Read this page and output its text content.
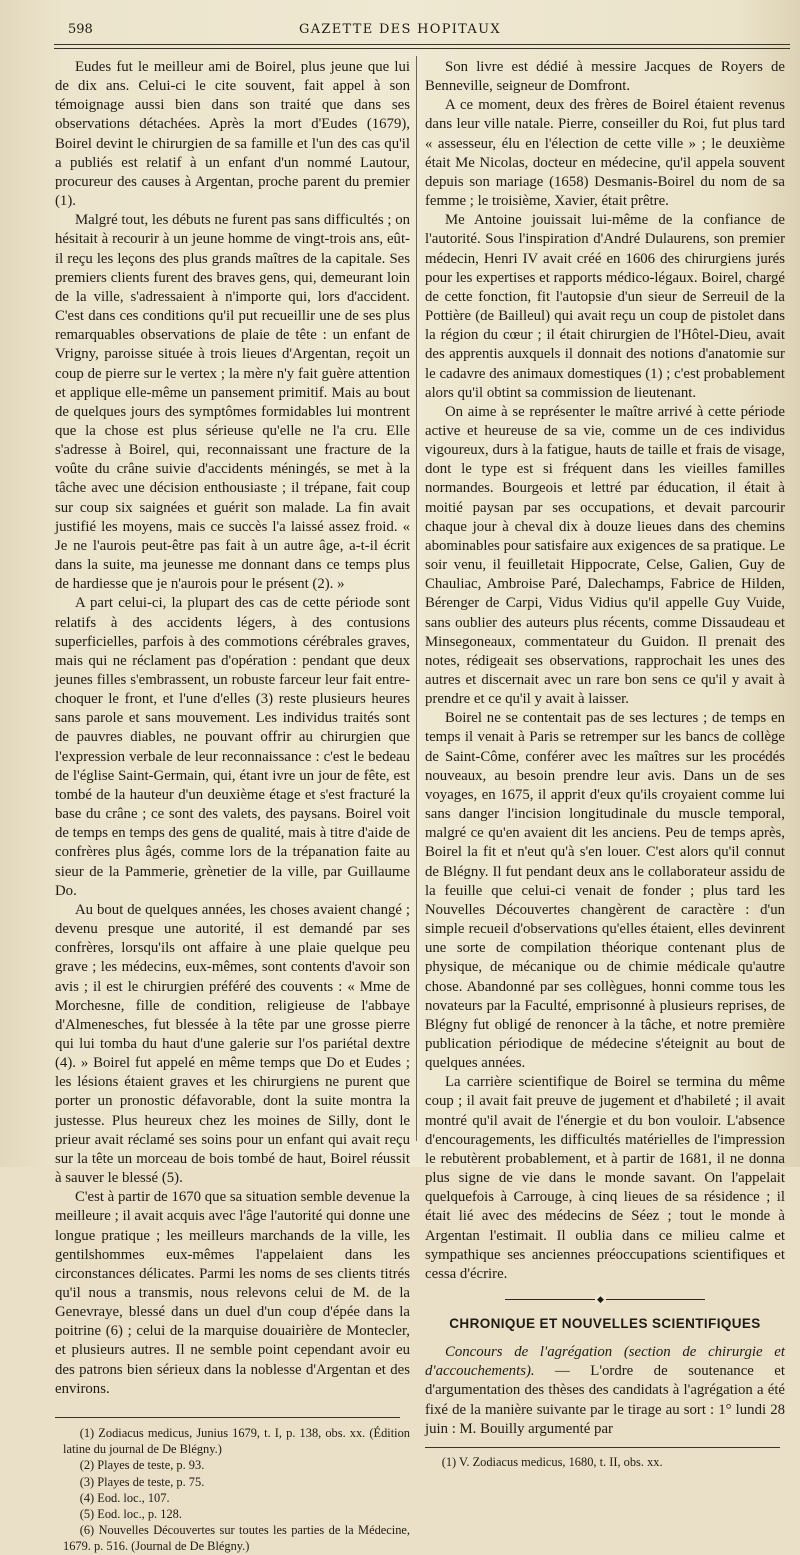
598	GAZETTE DES HOPITAUX

Eudes fut le meilleur ami de Boirel, plus jeune que lui de dix ans. Celui-ci le cite souvent, fait appel à son témoignage aussi bien dans son traité que dans ses observations détachées. Après la mort d'Eudes (1679), Boirel devint le chirurgien de sa famille et l'un des cas qu'il a publiés est relatif à un enfant d'un nommé Lautour, procureur des causes à Argentan, proche parent du premier (1).

Malgré tout, les débuts ne furent pas sans difficultés ; on hésitait à recourir à un jeune homme de vingt-trois ans, eût-il reçu les leçons des plus grands maîtres de la capitale. Ses premiers clients furent des braves gens, qui, demeurant loin de la ville, s'adressaient à n'importe qui, lors d'accident. C'est dans ces conditions qu'il put recueillir une de ses plus remarquables observations de plaie de tête : un enfant de Vrigny, paroisse située à trois lieues d'Argentan, reçoit un coup de pierre sur le vertex ; la mère n'y fait guère attention et applique elle-même un pansement primitif. Mais au bout de quelques jours des symptômes formidables lui montrent que la chose est plus sérieuse qu'elle ne l'a cru. Elle s'adresse à Boirel, qui, reconnaissant une fracture de la voûte du crâne suivie d'accidents méningés, se met à la tâche avec une décision enthousiaste ; il trépane, fait coup sur coup six saignées et guérit son malade. La fin avait justifié les moyens, mais ce succès l'a laissé assez froid. « Je ne l'aurois peut-être pas fait à un autre âge, a-t-il écrit dans la suite, ma jeunesse me donnant dans ce temps plus de hardiesse que je n'aurois pour le présent (2). »

A part celui-ci, la plupart des cas de cette période sont relatifs à des accidents légers, à des contusions superficielles, parfois à des commotions cérébrales graves, mais qui ne réclament pas d'opération : pendant que deux jeunes filles s'embrassent, un robuste farceur leur fait entre-choquer le front, et l'une d'elles (3) reste plusieurs heures sans parole et sans mouvement. Les individus traités sont de pauvres diables, ne pouvant offrir au chirurgien que l'expression verbale de leur reconnaissance : c'est le bedeau de l'église Saint-Germain, qui, étant ivre un jour de fête, est tombé de la hauteur d'un deuxième étage et s'est fracturé la base du crâne ; ce sont des valets, des paysans. Boirel voit de temps en temps des gens de qualité, mais à titre d'aide de confrères plus âgés, comme lors de la trépanation faite au sieur de la Pammerie, grènetier de la ville, par Guillaume Do.

Au bout de quelques années, les choses avaient changé ; devenu presque une autorité, il est demandé par ses confrères, lorsqu'ils ont affaire à une plaie quelque peu grave ; les médecins, eux-mêmes, sont contents d'avoir son avis ; il est le chirurgien préféré des couvents : « Mme de Morchesne, fille de condition, religieuse de l'abbaye d'Almenesches, fut blessée à la tête par une grosse pierre qui lui tomba du haut d'une galerie sur l'os pariétal dextre (4). » Boirel fut appelé en même temps que Do et Eudes ; les lésions étaient graves et les chirurgiens ne purent que porter un pronostic défavorable, dont la suite montra la justesse. Plus heureux chez les moines de Silly, dont le prieur avait réclamé ses soins pour un enfant qui avait reçu sur la tête un morceau de bois tombé de haut, Boirel réussit à sauver le blessé (5).

C'est à partir de 1670 que sa situation semble devenue la meilleure ; il avait acquis avec l'âge l'autorité qui donne une longue pratique ; les meilleurs marchands de la ville, les gentilshommes eux-mêmes l'appelaient dans les circonstances délicates. Parmi les noms de ses clients titrés qu'il nous a transmis, nous relevons celui de M. de la Genevraye, blessé dans un duel d'un coup d'épée dans la poitrine (6) ; celui de la marquise douairière de Montecler, et plusieurs autres. Il ne semble point cependant avoir eu des patrons bien sérieux dans la noblesse d'Argentan et des environs.

(1) Zodiacus medicus, Junius 1679, t. I, p. 138, obs. xx. (Édition latine du journal de De Blégny.)

(2) Playes de teste, p. 93.

(3) Playes de teste, p. 75.

(4) Eod. loc., 107.

(5) Eod. loc., p. 128.

(6) Nouvelles Découvertes sur toutes les parties de la Médecine, 1679. p. 516. (Journal de De Blégny.)

Son livre est dédié à messire Jacques de Royers de Benneville, seigneur de Domfront.

A ce moment, deux des frères de Boirel étaient revenus dans leur ville natale. Pierre, conseiller du Roi, fut plus tard « assesseur, élu en l'élection de cette ville » ; le deuxième était Me Nicolas, docteur en médecine, qu'il appela souvent depuis son mariage (1658) Desmanis-Boirel du nom de sa femme ; le troisième, Xavier, était prêtre.

Me Antoine jouissait lui-même de la confiance de l'autorité. Sous l'inspiration d'André Dulaurens, son premier médecin, Henri IV avait créé en 1606 des chirurgiens jurés pour les expertises et rapports médico-légaux. Boirel, chargé de cette fonction, fit l'autopsie d'un sieur de Serreuil de la Pottière (de Bailleul) qui avait reçu un coup de pistolet dans la région du cœur ; il était chirurgien de l'Hôtel-Dieu, avait des apprentis auxquels il donnait des notions d'anatomie sur le cadavre des animaux domestiques (1) ; c'est probablement alors qu'il obtint sa commission de lieutenant.

On aime à se représenter le maître arrivé à cette période active et heureuse de sa vie, comme un de ces individus vigoureux, durs à la fatigue, hauts de taille et frais de visage, dont le type est si fréquent dans les vieilles familles normandes. Bourgeois et lettré par éducation, il était à moitié paysan par ses occupations, et devait parcourir chaque jour à cheval dix à douze lieues dans des chemins abominables pour satisfaire aux exigences de sa pratique. Le soir venu, il feuilletait Hippocrate, Celse, Galien, Guy de Chauliac, Ambroise Paré, Dalechamps, Fabrice de Hilden, Bérenger de Carpi, Vidus Vidius qu'il appelle Guy Vuide, sans oublier des auteurs plus récents, comme Dissaudeau et Minsegoneaux, commentateur du Guidon. Il prenait des notes, rédigeait ses observations, rapprochait les unes des autres et discernait avec un rare bon sens ce qu'il y avait à prendre et ce qu'il y avait à laisser.

Boirel ne se contentait pas de ses lectures ; de temps en temps il venait à Paris se retremper sur les bancs de collège de Saint-Côme, conférer avec les maîtres sur les procédés nouveaux, au besoin prendre leur avis. Dans un de ses voyages, en 1675, il apprit d'eux qu'ils croyaient comme lui sans danger l'incision longitudinale du muscle temporal, malgré ce qu'en avaient dit les anciens. Peu de temps après, Boirel la fit et n'eut qu'à s'en louer. C'est alors qu'il connut de Blégny. Il fut pendant deux ans le collaborateur assidu de la feuille que celui-ci venait de fonder ; plus tard les Nouvelles Découvertes changèrent de caractère : d'un simple recueil d'observations qu'elles étaient, elles devinrent une sorte de compilation théorique contenant plus de physique, de mécanique ou de chimie médicale qu'autre chose. Abandonné par ses collègues, honni comme tous les novateurs par la Faculté, emprisonné à plusieurs reprises, de Blégny fut obligé de renoncer à la tâche, et notre première publication périodique de médecine s'éteignit au bout de quelques années.

La carrière scientifique de Boirel se termina du même coup ; il avait fait preuve de jugement et d'habileté ; il avait montré qu'il avait de l'énergie et du bon vouloir. L'absence d'encouragements, les difficultés matérielles de l'impression le rebutèrent probablement, et à partir de 1681, il ne donna plus signe de vie dans le monde savant. On l'appelait quelquefois à Carrouge, à cinq lieues de sa résidence ; il était lié avec des médecins de Séez ; tout le monde à Argentan l'estimait. Il oublia dans ce milieu calme et sympathique ses anciennes préoccupations scientifiques et cessa d'écrire.

◆
CHRONIQUE ET NOUVELLES SCIENTIFIQUES

Concours de l'agrégation (section de chirurgie et d'accouchements). — L'ordre de soutenance et d'argumentation des thèses des candidats à l'agrégation a été fixé de la manière suivante par le tirage au sort : 1° lundi 28 juin : M. Bouilly argumenté par

(1) V. Zodiacus medicus, 1680, t. II, obs. xx.
